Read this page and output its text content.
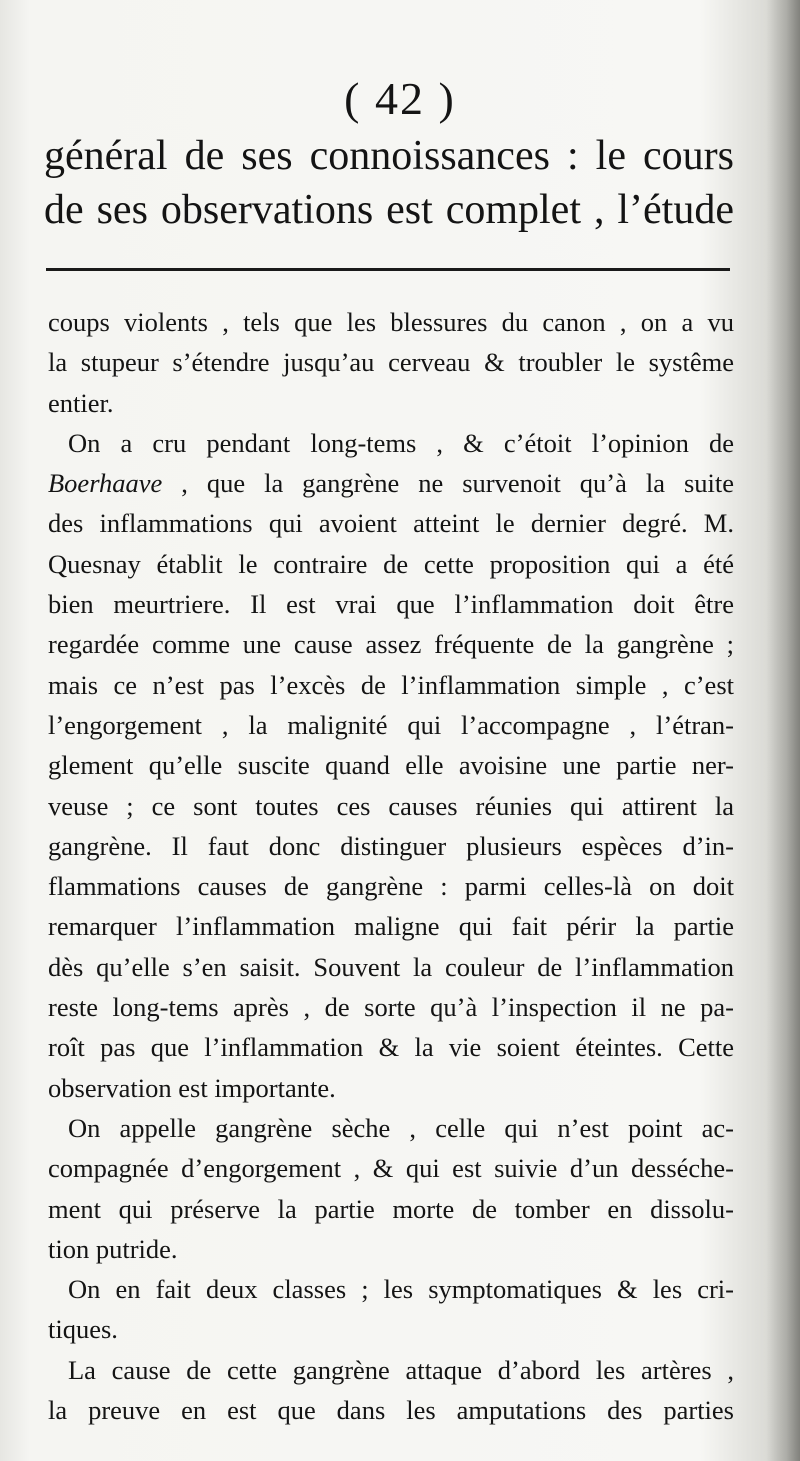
( 42 )
général de ses connoissances : le cours
de ses observations est complet , l’étude
coups violents , tels que les blessures du canon , on a vu
la stupeur s’étendre jusqu’au cerveau & troubler le systême
entier.
On a cru pendant long-tems , & c’étoit l’opinion de
Boerhaave , que la gangrène ne survenoit qu’à la suite
des inflammations qui avoient atteint le dernier degré. M.
Quesnay établit le contraire de cette proposition qui a été
bien meurtriere. Il est vrai que l’inflammation doit être
regardée comme une cause assez fréquente de la gangrène ;
mais ce n’est pas l’excès de l’inflammation simple , c’est
l’engorgement , la malignité qui l’accompagne , l’étran-
glement qu’elle suscite quand elle avoisine une partie ner-
veuse ; ce sont toutes ces causes réunies qui attirent la
gangrène. Il faut donc distinguer plusieurs espèces d’in-
flammations causes de gangrène : parmi celles-là on doit
remarquer l’inflammation maligne qui fait périr la partie
dès qu’elle s’en saisit. Souvent la couleur de l’inflammation
reste long-tems après , de sorte qu’à l’inspection il ne pa-
roît pas que l’inflammation & la vie soient éteintes. Cette
observation est importante.
On appelle gangrène sèche , celle qui n’est point ac-
compagnée d’engorgement , & qui est suivie d’un desséche-
ment qui préserve la partie morte de tomber en dissolu-
tion putride.
On en fait deux classes ; les symptomatiques & les cri-
tiques.
La cause de cette gangrène attaque d’abord les artères ,
la preuve en est que dans les amputations des parties
